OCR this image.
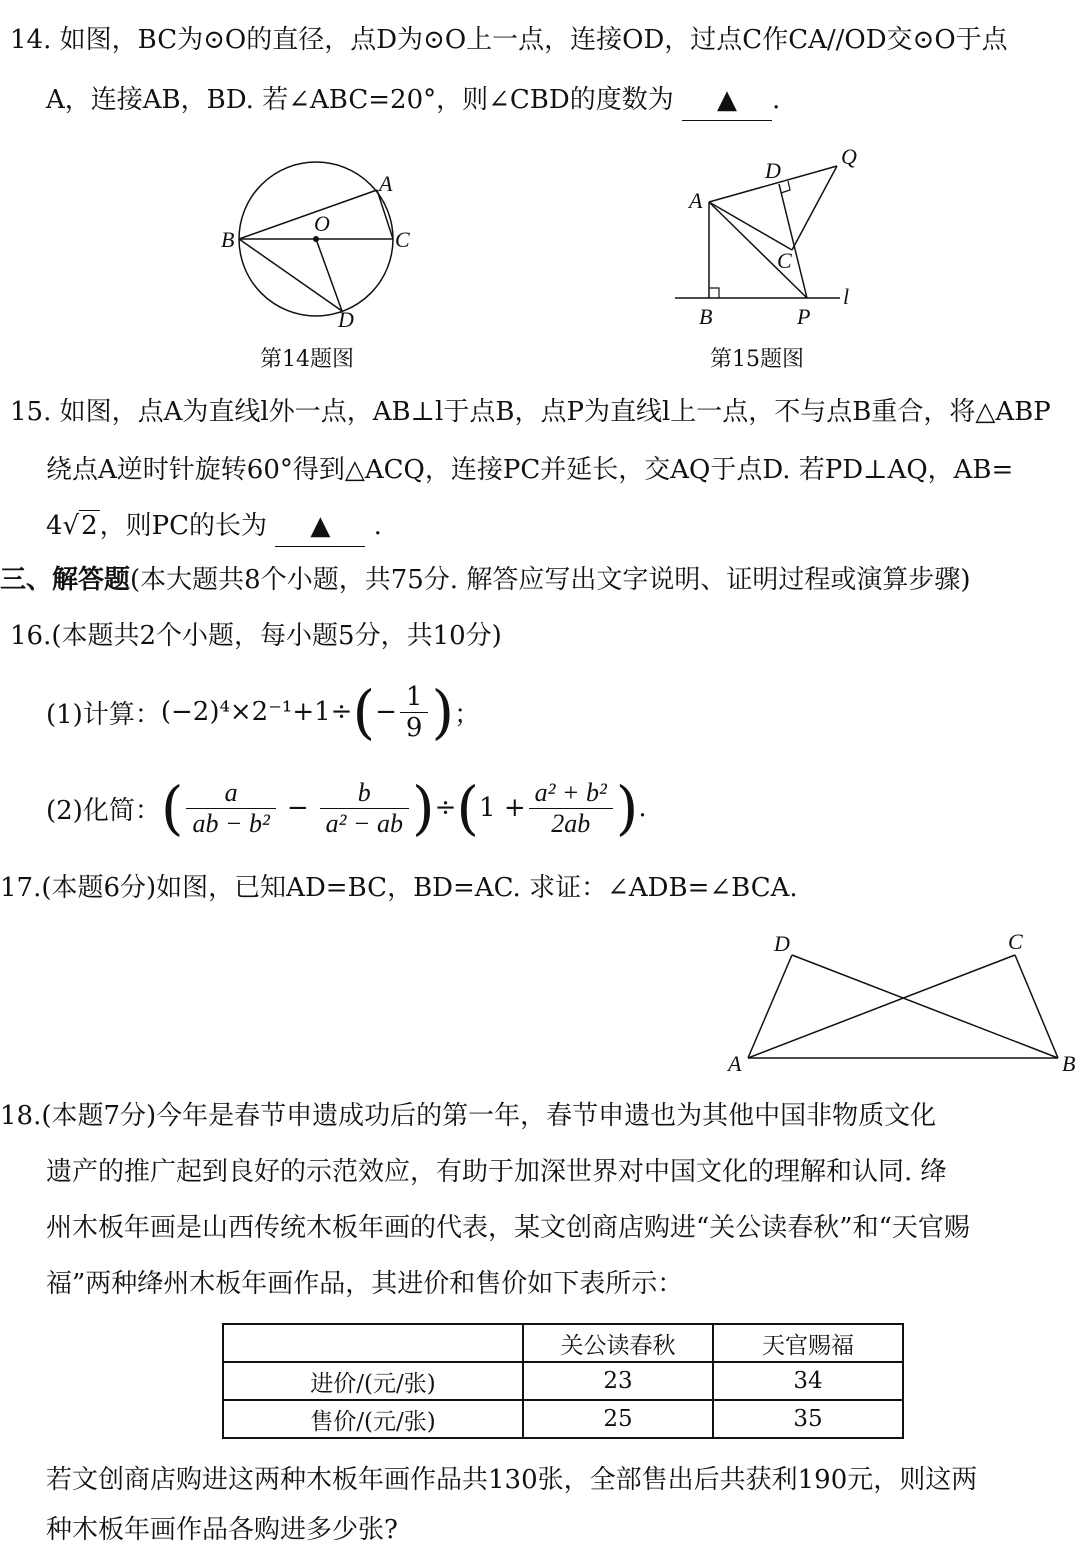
14. 如图，BC为⊙O的直径，点D为⊙O上一点，连接OD，过点C作CA//OD交⊙O于点
A，连接AB，BD. 若∠ABC=20°，则∠CBD的度数为 ▲ .
B	C
A
O
D
第14题图
A
D
Q
C
B	P
l
第15题图
15. 如图，点A为直线l外一点，AB⊥l于点B，点P为直线l上一点，不与点B重合，将△ABP
绕点A逆时针旋转60°得到△ACQ，连接PC并延长，交AQ于点D. 若PD⊥AQ，AB=
4√2，则PC的长为 ▲ .
三、解答题(本大题共8个小题，共75分. 解答应写出文字说明、证明过程或演算步骤)
16.(本题共2个小题，每小题5分，共10分)
(1)计算： (−2)⁴×2⁻¹+1÷ ( − $\frac{1}{9}$ ) ；
(2)化简： ( $\frac{a}{\text{ab − b²}} - \frac{b}{\text{a² − ab}}$ ) ÷ ( $1 + \frac{\text{a² + b²}}{2ab}$ ) .
17.(本题6分)如图，已知AD=BC，BD=AC. 求证：∠ADB=∠BCA.
D	C
A	B
18.(本题7分)今年是春节申遗成功后的第一年，春节申遗也为其他中国非物质文化
遗产的推广起到良好的示范效应，有助于加深世界对中国文化的理解和认同. 绛
州木板年画是山西传统木板年画的代表，某文创商店购进“关公读春秋”和“天官赐
福”两种绛州木板年画作品，其进价和售价如下表所示：
	关公读春秋	天官赐福
进价/(元/张)	23	34
售价/(元/张)	25	35
若文创商店购进这两种木板年画作品共130张，全部售出后共获利190元，则这两
种木板年画作品各购进多少张?
